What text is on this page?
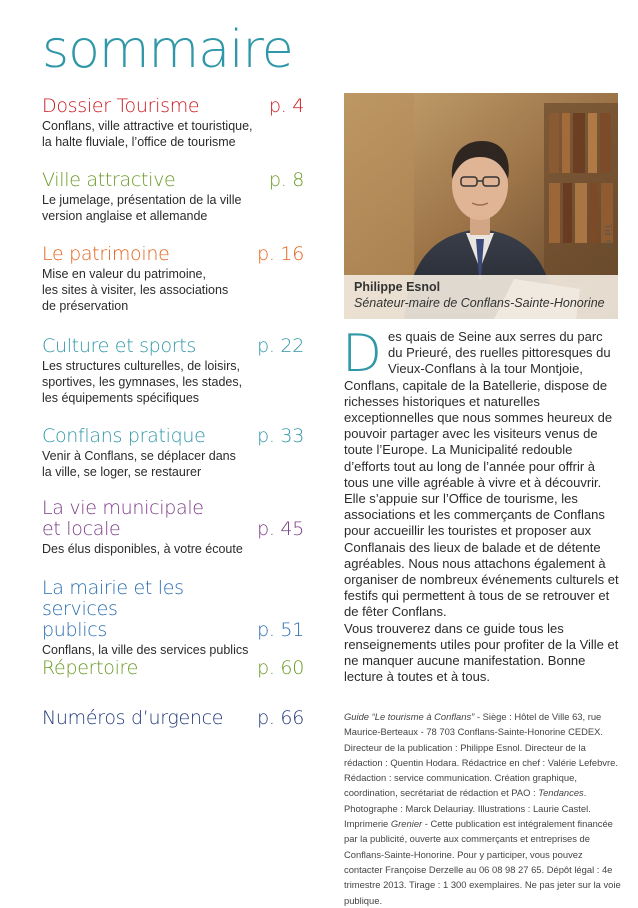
sommaire
Dossier Tourisme	p. 4
Conflans, ville attractive et touristique,
la halte fluviale, l’office de tourisme
Ville attractive	p. 8
Le jumelage, présentation de la ville
version anglaise et allemande
Le patrimoine	p. 16
Mise en valeur du patrimoine,
les sites à visiter, les associations
de préservation
Culture et sports	p. 22
Les structures culturelles, de loisirs,
sportives, les gymnases, les stades,
les équipements spécifiques
Conflans pratique	p. 33
Venir à Conflans, se déplacer dans
la ville, se loger, se restaurer
La vie municipale
et locale	p. 45
Des élus disponibles, à votre écoute
La mairie et les services
publics	p. 51
Conflans, la ville des services publics
Répertoire	p. 60
Numéros d’urgence p. 66
© P.I.
Philippe Esnol
Sénateur-maire de Conflans-Sainte-Honorine
Des quais de Seine aux serres du parc du Prieuré, des ruelles pittoresques du Vieux-Conflans à la tour Montjoie, Conflans, capitale de la Batellerie, dispose de richesses historiques et naturelles exceptionnelles que nous sommes heureux de pouvoir partager avec les visiteurs venus de toute l’Europe. La Municipalité redouble d’efforts tout au long de l’année pour offrir à tous une ville agréable à vivre et à découvrir. Elle s’appuie sur l’Office de tourisme, les associations et les commerçants de Conflans pour accueillir les touristes et proposer aux Conflanais des lieux de balade et de détente agréables. Nous nous attachons également à organiser de nombreux événements culturels et festifs qui permettent à tous de se retrouver et de fêter Conflans.
Vous trouverez dans ce guide tous les renseignements utiles pour profiter de la Ville et ne manquer aucune manifestation. Bonne lecture à toutes et à tous.
Guide “Le tourisme à Conflans” - Siège : Hôtel de Ville 63, rue Maurice-Berteaux - 78 703 Conflans-Sainte-Honorine CEDEX. Directeur de la publication : Philippe Esnol. Directeur de la rédaction : Quentin Hodara. Rédactrice en chef : Valérie Lefebvre. Rédaction : service communication. Création graphique, coordination, secrétariat de rédaction et PAO : Tendances. Photographe : Marck Delauriay. Illustrations : Laurie Castel. Imprimerie Grenier - Cette publication est intégralement financée par la publicité, ouverte aux commerçants et entreprises de Conflans-Sainte-Honorine. Pour y participer, vous pouvez contacter Françoise Derzelle au 06 08 98 27 65. Dépôt légal : 4e trimestre 2013. Tirage : 1 300 exemplaires. Ne pas jeter sur la voie publique.
